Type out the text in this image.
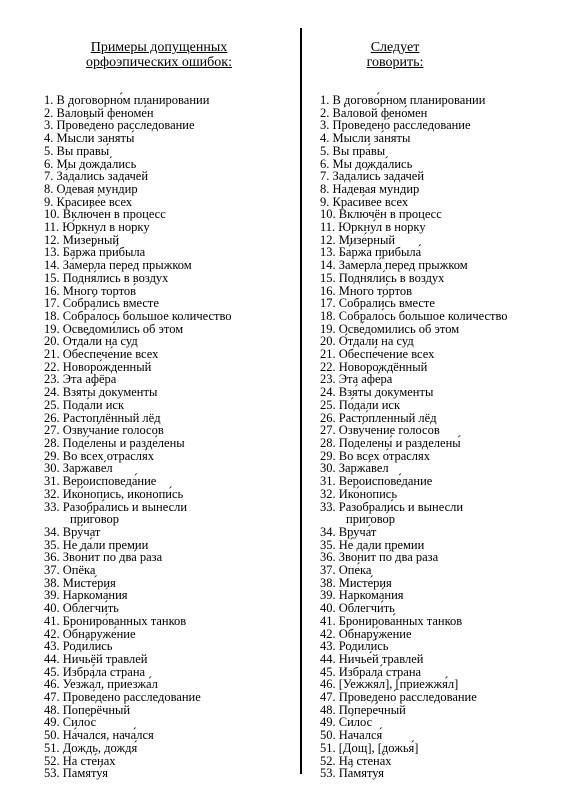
Примеры допущенных
орфоэпических ошибок:
1. В договорно́м планировании
2. Ва́ловый феноме́н
3. Прове́дено расследование
4. Мысли заняты́
5. Вы правы́
6. Мы дожда́лись
7. За́дались задачей
8. Одевая мундир
9. Красиве́е всех
10. Вклю́чен в процесс
11. Ю́ркнул в норку
12. Ми́зерный
13. Баржа́ при́была
14. За́мерла перед прыжком
15. Подня́лись в воздух
16. Много тортов́
17. Собра́лись вместе
18. Собра́лось большое количество
19. Осведоми́лись об этом
20. Отда́ли на суд
21. Обеспече́ние всех
22. Новоро́жденный
23. Эта афёра
24. Взяты́ документы
25. Пода́ли иск
26. Растоплённый лёд
27. Озвуча́ние голосов
28. Поде́лены и разде́лены
29. Во всех отрасля́х
30. Заржаве́л
31. Вероисповеда́ние
32. Ико́нопись, иконопи́сь
33. Разобра́лись и вынесли
при́говор
34. Вру́чат
35. Не да́ли премии
36. Зво́нит по два́ раза
37. Опёка
38. Мисте́рия
39. Наркома́ния
40. Облегчи́ть
41. Брониро́ванных танков
42. Обнаруже́ние
43. Роди́лись
44. Ничьёй травлей
45. Избра́ла страна
46. Уезжа́л, приезжа́л
47. Прове́дено расследование
48. Поперёчный
49. Сило́с
50. На́чался, нача́лся
51. Дождь, дождя́
52. На сте́нах
53. Памяту́я
Следует
говорить:
1. В догово́рном планировании
2. Ва́ловой фено́мен
3. Проведено́ расследование
4. Мысли за́няты
5. Вы пра́вы
6. Мы дожда́лись
7. Задали́сь задачей
8. Надевая мундир
9. Краси́вее всех
10. Включён в процесс
11. Юркну́л в норку
12. Мизе́рный
13. Ба́ржа прибыла́
14. Замерла́ перед прыжком
15. Подняли́сь в воздух
16. Много то́ртов
17. Собрали́сь вместе
18. Собрало́сь большое количество
19. Осве́домились об этом
20. О́тдали на суд
21. Обеспе́чение всех
22. Новорождённый
23. Эта афе́ра
24. Взя́ты документы
25. По́дали иск
26. Расто́пленный лёд
27. Озву́чение голосов
28. Поделены́ и разделены́
29. Во всех о́траслях
30. Заржа́вел
31. Вероиспове́дание
32. Ико́нопись
33. Разобрали́сь и вынесли
пригово́р
34. Вруча́т
35. Не́ дали премии
36. Звони́т по́ два раза
37. Опе́ка
38. Мисте́рия
39. Наркома́ния
40. Облегчи́ть
41. Бронирова́нных танков
42. Обнару́жение
43. Родили́сь
44. Ничье́й травлей
45. Избрала́ страна
46. [Уежжя́л], [приежжя́л]
47. Проведено́ расследование
48. Попере́чный
49. Си́лос
50. Начался́
51. [Дощ], [дожья́]
52. На стена́х
53. Па́мятуя
